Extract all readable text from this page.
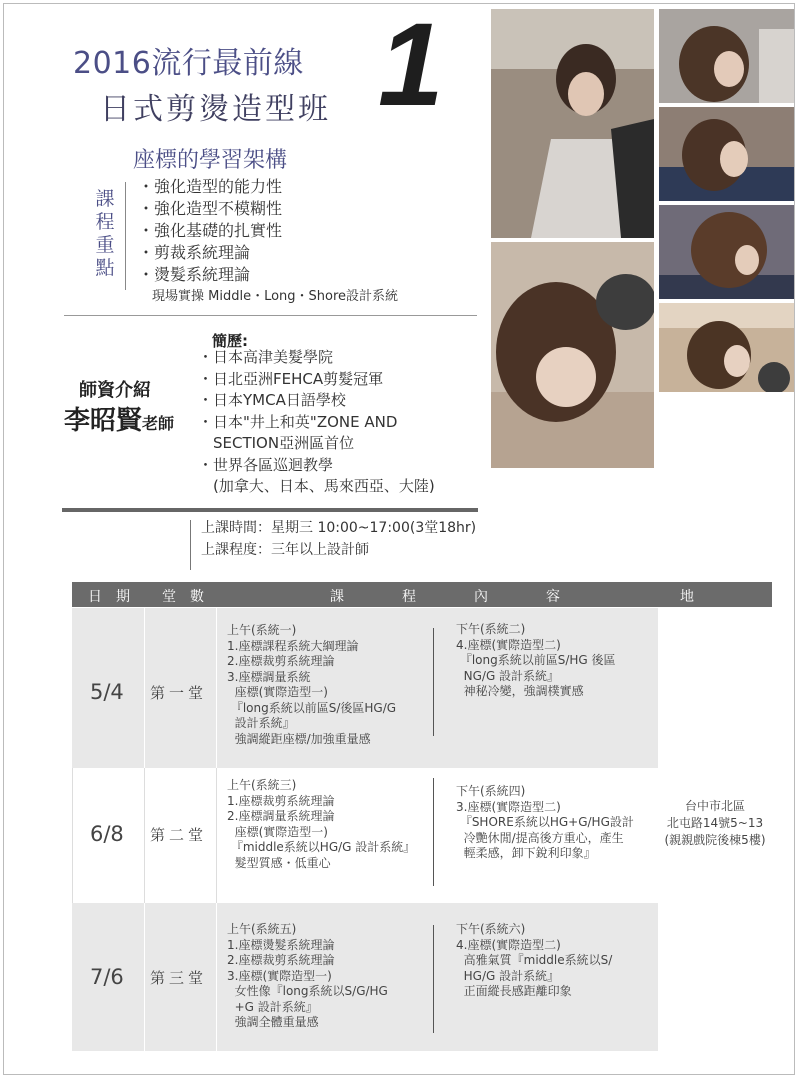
2016流行最前線
日式剪燙造型班 1
座標的學習架構
課程重點
・ 強化造型的能力性
・ 強化造型不模糊性
・ 強化基礎的扎實性
・ 剪裁系統理論
・ 燙髮系統理論
現場實操 Middle・Long・Shore設計系統
師資介紹
李昭賢老師
簡歷:
・ 日本高津美髮學院
・ 日北亞洲FEHCA剪髮冠軍
・ 日本YMCA日語學校
・ 日本"井上和英"ZONE AND
SECTION亞洲區首位
・ 世界各區巡迴教學
(加拿大、日本、馬來西亞、大陸)
上課時間：星期三 10:00~17:00(3堂18hr)
上課程度：三年以上設計師
日期 堂數	課程內容	地
5/4 第一堂
上午(系統一)
1.座標課程系統大綱理論
2.座標裁剪系統理論
3.座標調量系統
座標(實際造型一)
『long系統以前區S/後區HG/G
設計系統』
強調縱距座標/加強重量感
下午(系統二)
4.座標(實際造型二)
『long系統以前區S/HG 後區
NG/G 設計系統』
神秘冷變，強調樸實感
6/8 第二堂
上午(系統三)
1.座標裁剪系統理論
2.座標調量系統理論
座標(實際造型一)
『middle系統以HG/G 設計系統』
髮型質感・低重心
下午(系統四)
3.座標(實際造型二)
『SHORE系統以HG+G/HG設計
冷艷休閒/提高後方重心，產生
輕柔感，卸下銳利印象』
7/6 第三堂
上午(系統五)
1.座標燙髮系統理論
2.座標裁剪系統理論
3.座標(實際造型一)
女性像『long系統以S/G/HG
+G 設計系統』
強調全體重量感
下午(系統六)
4.座標(實際造型二)
高雅氣質『middle系統以S/
HG/G 設計系統』
正面縱長感距離印象
台中市北區
北屯路14號5~13
(親親戲院後棟5樓)
